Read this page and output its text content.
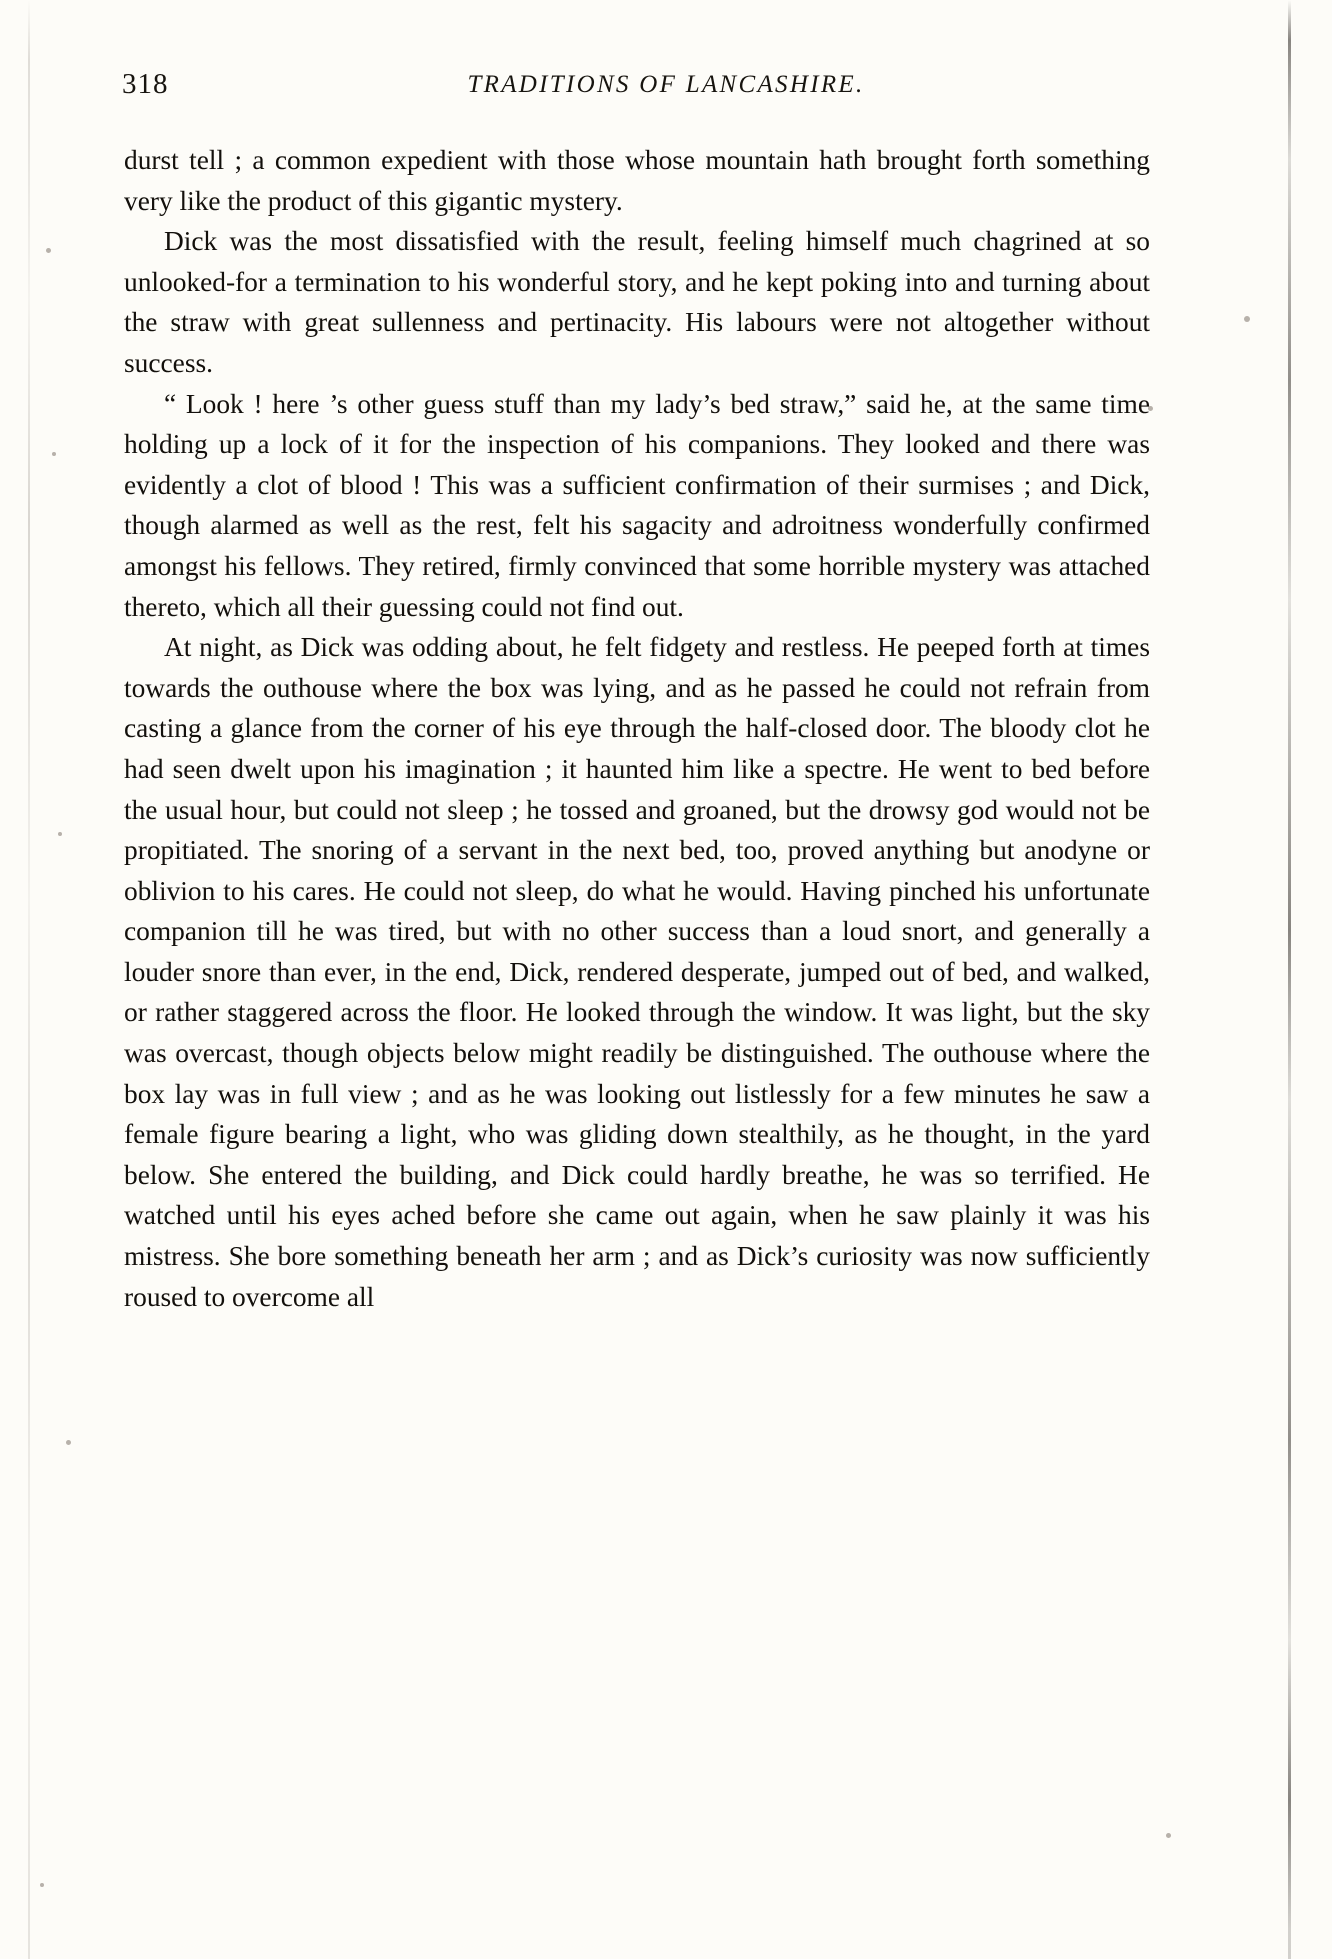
318	TRADITIONS OF LANCASHIRE.

durst tell ; a common expedient with those whose mountain hath brought forth something very like the product of this gigantic mystery.

Dick was the most dissatisfied with the result, feeling himself much chagrined at so unlooked-for a termination to his wonderful story, and he kept poking into and turning about the straw with great sullenness and pertinacity. His labours were not altogether without success.

“ Look ! here ’s other guess stuff than my lady’s bed straw,” said he, at the same time holding up a lock of it for the inspection of his companions. They looked and there was evidently a clot of blood ! This was a sufficient confirmation of their surmises ; and Dick, though alarmed as well as the rest, felt his sagacity and adroitness wonderfully confirmed amongst his fellows. They retired, firmly convinced that some horrible mystery was attached thereto, which all their guessing could not find out.

At night, as Dick was odding about, he felt fidgety and restless. He peeped forth at times towards the outhouse where the box was lying, and as he passed he could not refrain from casting a glance from the corner of his eye through the half-closed door. The bloody clot he had seen dwelt upon his imagination ; it haunted him like a spectre. He went to bed before the usual hour, but could not sleep ; he tossed and groaned, but the drowsy god would not be propitiated. The snoring of a servant in the next bed, too, proved anything but anodyne or oblivion to his cares. He could not sleep, do what he would. Having pinched his unfortunate companion till he was tired, but with no other success than a loud snort, and generally a louder snore than ever, in the end, Dick, rendered desperate, jumped out of bed, and walked, or rather staggered across the floor. He looked through the window. It was light, but the sky was overcast, though objects below might readily be distinguished. The outhouse where the box lay was in full view ; and as he was looking out listlessly for a few minutes he saw a female figure bearing a light, who was gliding down stealthily, as he thought, in the yard below. She entered the building, and Dick could hardly breathe, he was so terrified. He watched until his eyes ached before she came out again, when he saw plainly it was his mistress. She bore something beneath her arm ; and as Dick’s curiosity was now sufficiently roused to overcome all
